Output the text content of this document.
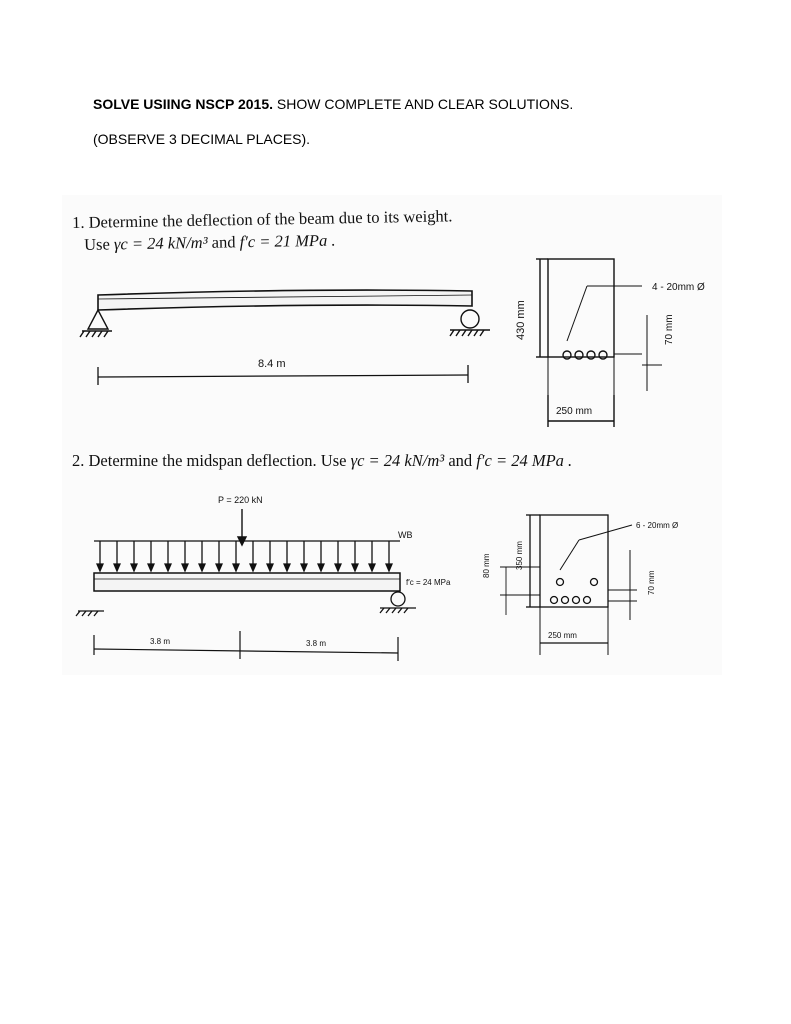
SOLVE USIING NSCP 2015. SHOW COMPLETE AND CLEAR SOLUTIONS.
(OBSERVE 3 DECIMAL PLACES).
1. Determine the deflection of the beam due to its weight.
Use γc = 24 kN/m³ and f′c = 21 MPa .
2. Determine the midspan deflection. Use γc = 24 kN/m³ and f′c = 24 MPa .
8.4 m
430 mm
4 - 20mm Ø
70 mm
250 mm
P = 220 kN
WB
f′c = 24 MPa
3.8 m	3.8 m
80 mm	350 mm
6 - 20mm Ø
70 mm
250 mm
